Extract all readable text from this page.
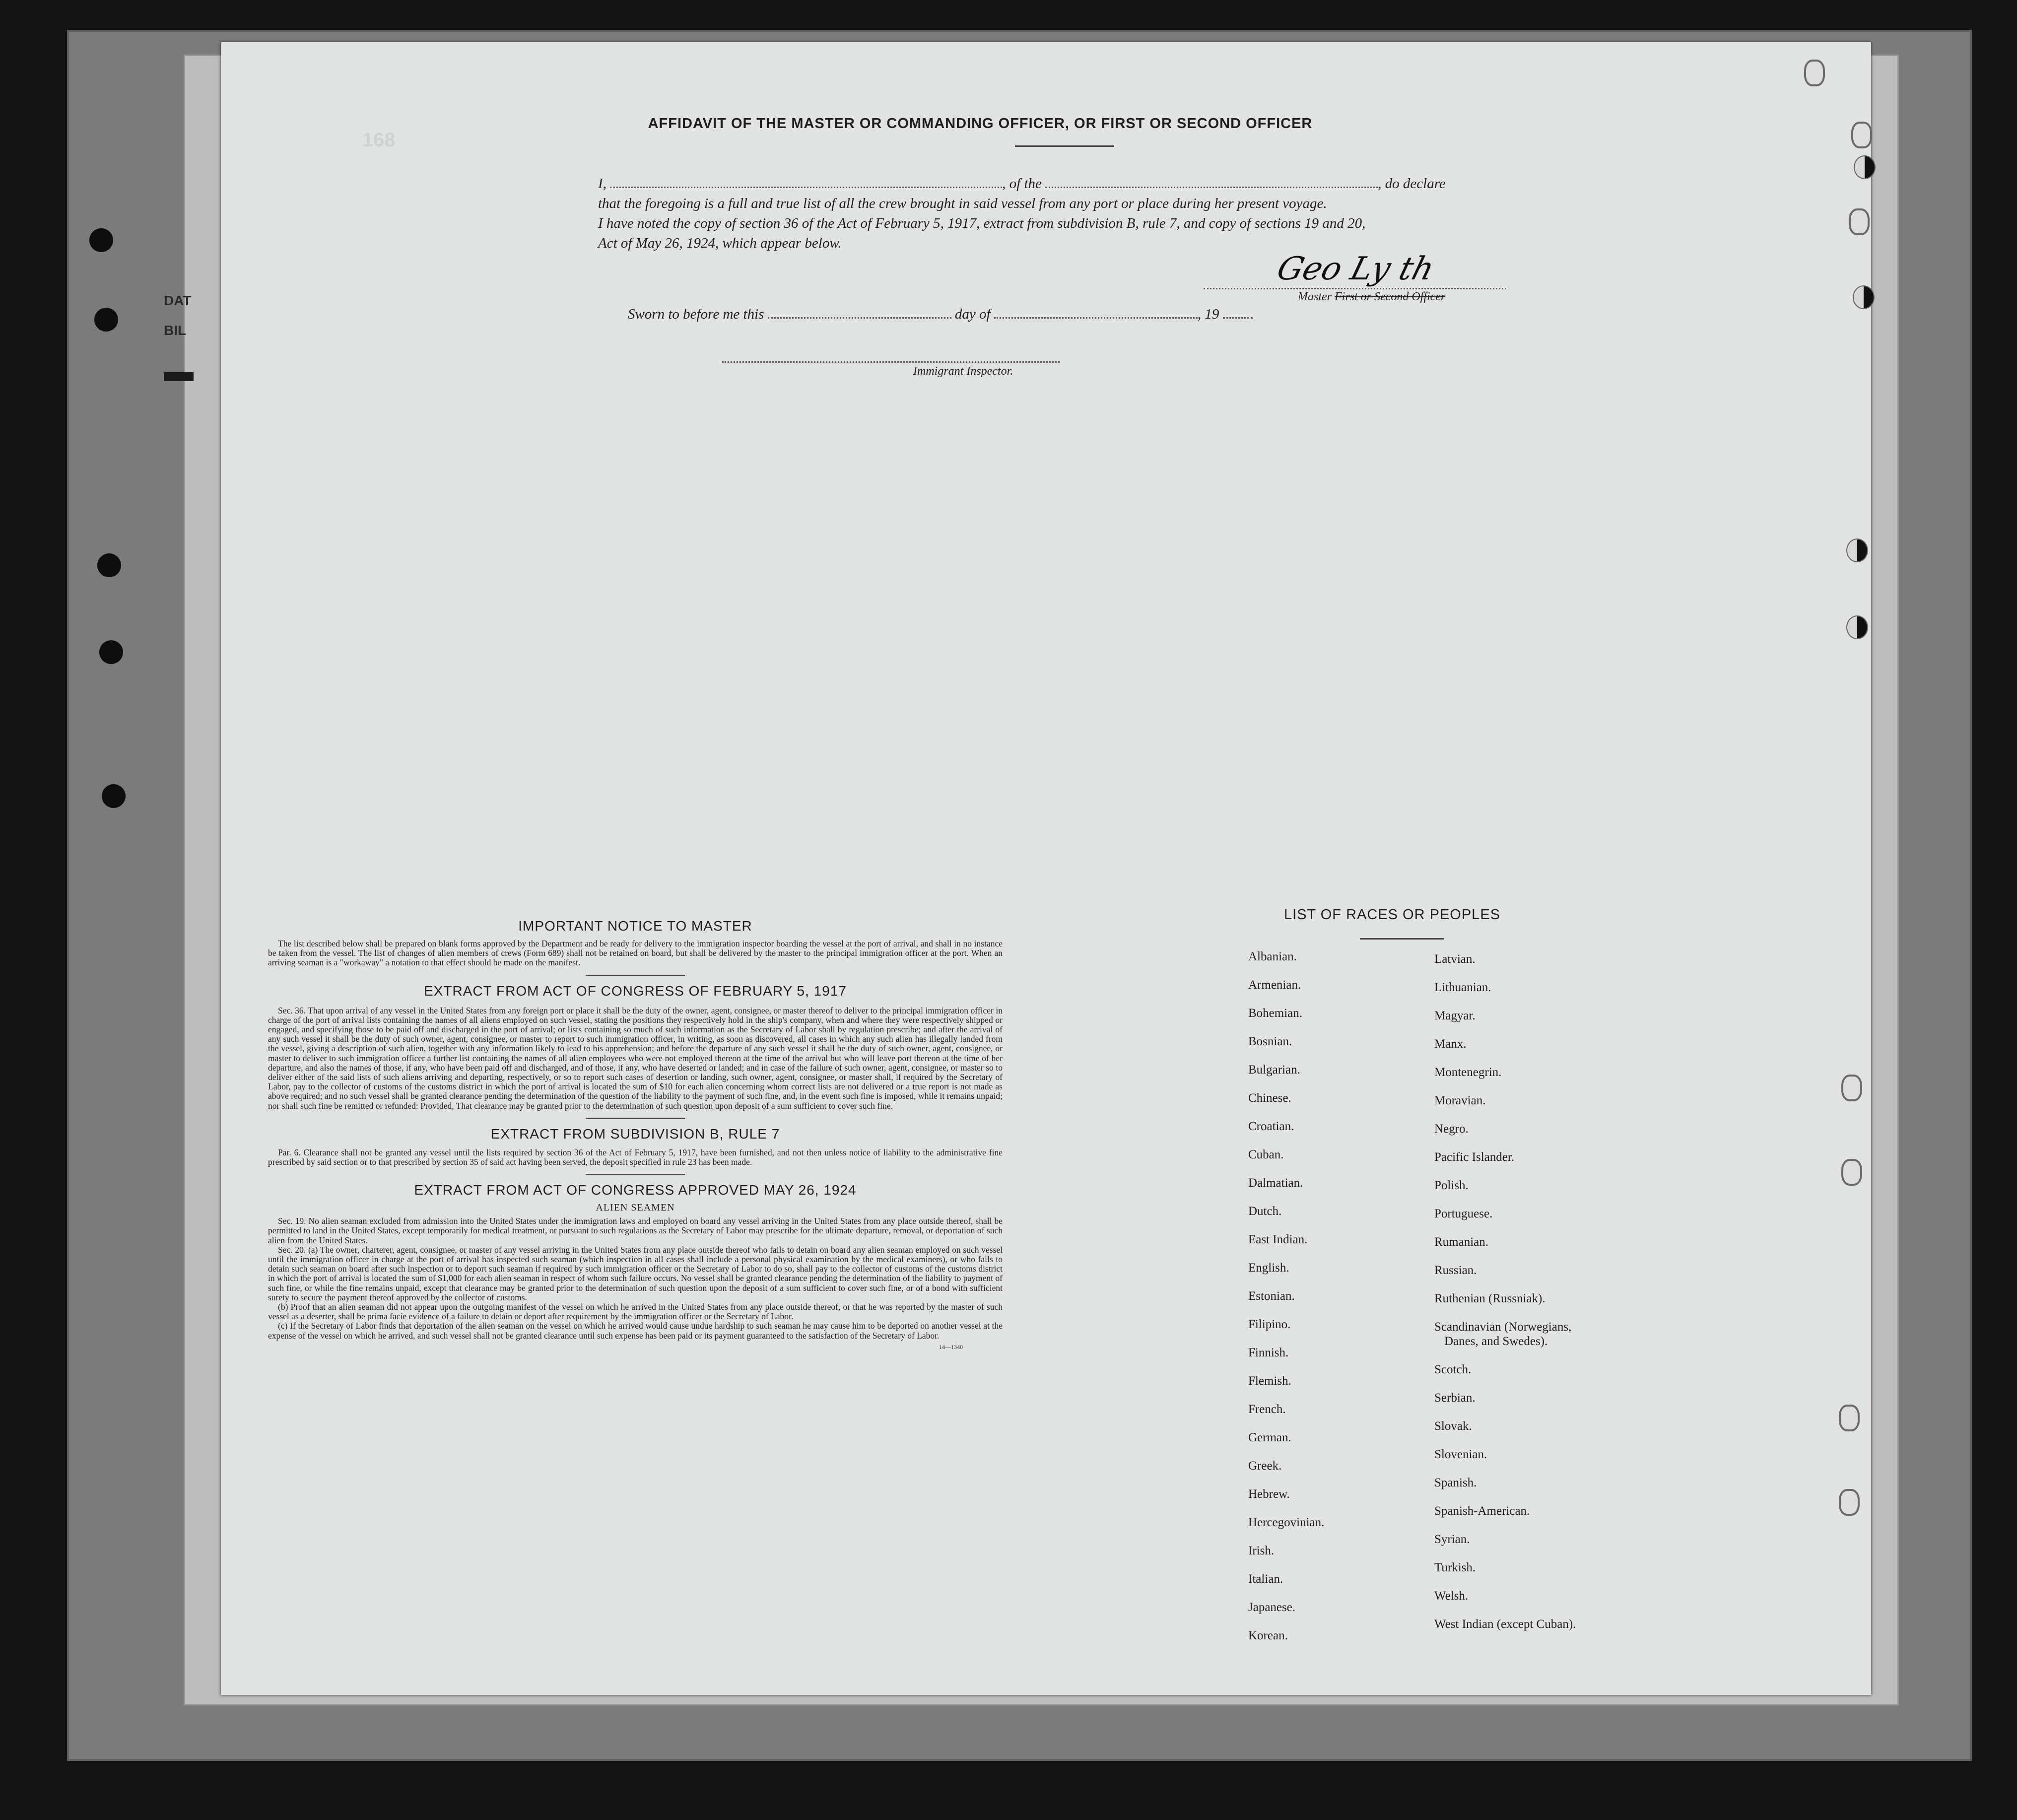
DAT
BIL
168
AFFIDAVIT OF THE MASTER OR COMMANDING OFFICER, OR FIRST OR SECOND OFFICER
I,	, of the	, do declare
that the foregoing is a full and true list of all the crew brought in said vessel from any port or place during her present voyage.
I have noted the copy of section 36 of the Act of February 5, 1917, extract from subdivision B, rule 7, and copy of sections 19 and 20,
Act of May 26, 1924, which appear below.
Geo Ly th
Master First or Second Officer
Sworn to before me this	day of	, 19
Immigrant Inspector.
IMPORTANT NOTICE TO MASTER

The list described below shall be prepared on blank forms approved by the Department and be ready for delivery to the immigration inspector boarding the vessel at the port of arrival, and shall in no instance be taken from the vessel. The list of changes of alien members of crews (Form 689) shall not be retained on board, but shall be delivered by the master to the principal immigration officer at the port. When an arriving seaman is a "workaway" a notation to that effect should be made on the manifest.

EXTRACT FROM ACT OF CONGRESS OF FEBRUARY 5, 1917

Sec. 36. That upon arrival of any vessel in the United States from any foreign port or place it shall be the duty of the owner, agent, consignee, or master thereof to deliver to the principal immigration officer in charge of the port of arrival lists containing the names of all aliens employed on such vessel, stating the positions they respectively hold in the ship's company, when and where they were respectively shipped or engaged, and specifying those to be paid off and discharged in the port of arrival; or lists containing so much of such information as the Secretary of Labor shall by regulation prescribe; and after the arrival of any such vessel it shall be the duty of such owner, agent, consignee, or master to report to such immigration officer, in writing, as soon as discovered, all cases in which any such alien has illegally landed from the vessel, giving a description of such alien, together with any information likely to lead to his apprehension; and before the departure of any such vessel it shall be the duty of such owner, agent, consignee, or master to deliver to such immigration officer a further list containing the names of all alien employees who were not employed thereon at the time of the arrival but who will leave port thereon at the time of her departure, and also the names of those, if any, who have been paid off and discharged, and of those, if any, who have deserted or landed; and in case of the failure of such owner, agent, consignee, or master so to deliver either of the said lists of such aliens arriving and departing, respectively, or so to report such cases of desertion or landing, such owner, agent, consignee, or master shall, if required by the Secretary of Labor, pay to the collector of customs of the customs district in which the port of arrival is located the sum of $10 for each alien concerning whom correct lists are not delivered or a true report is not made as above required; and no such vessel shall be granted clearance pending the determination of the question of the liability to the payment of such fine, and, in the event such fine is imposed, while it remains unpaid; nor shall such fine be remitted or refunded: Provided, That clearance may be granted prior to the determination of such question upon deposit of a sum sufficient to cover such fine.

EXTRACT FROM SUBDIVISION B, RULE 7

Par. 6. Clearance shall not be granted any vessel until the lists required by section 36 of the Act of February 5, 1917, have been furnished, and not then unless notice of liability to the administrative fine prescribed by said section or to that prescribed by section 35 of said act having been served, the deposit specified in rule 23 has been made.

EXTRACT FROM ACT OF CONGRESS APPROVED MAY 26, 1924
ALIEN SEAMEN

Sec. 19. No alien seaman excluded from admission into the United States under the immigration laws and employed on board any vessel arriving in the United States from any place outside thereof, shall be permitted to land in the United States, except temporarily for medical treatment, or pursuant to such regulations as the Secretary of Labor may prescribe for the ultimate departure, removal, or deportation of such alien from the United States.

Sec. 20. (a) The owner, charterer, agent, consignee, or master of any vessel arriving in the United States from any place outside thereof who fails to detain on board any alien seaman employed on such vessel until the immigration officer in charge at the port of arrival has inspected such seaman (which inspection in all cases shall include a personal physical examination by the medical examiners), or who fails to detain such seaman on board after such inspection or to deport such seaman if required by such immigration officer or the Secretary of Labor to do so, shall pay to the collector of customs of the customs district in which the port of arrival is located the sum of $1,000 for each alien seaman in respect of whom such failure occurs. No vessel shall be granted clearance pending the determination of the liability to payment of such fine, or while the fine remains unpaid, except that clearance may be granted prior to the determination of such question upon the deposit of a sum sufficient to cover such fine, or of a bond with sufficient surety to secure the payment thereof approved by the collector of customs.

(b) Proof that an alien seaman did not appear upon the outgoing manifest of the vessel on which he arrived in the United States from any place outside thereof, or that he was reported by the master of such vessel as a deserter, shall be prima facie evidence of a failure to detain or deport after requirement by the immigration officer or the Secretary of Labor.

(c) If the Secretary of Labor finds that deportation of the alien seaman on the vessel on which he arrived would cause undue hardship to such seaman he may cause him to be deported on another vessel at the expense of the vessel on which he arrived, and such vessel shall not be granted clearance until such expense has been paid or its payment guaranteed to the satisfaction of the Secretary of Labor.

14—1340
LIST OF RACES OR PEOPLES
Albanian.
Armenian.
Bohemian.
Bosnian.
Bulgarian.
Chinese.
Croatian.
Cuban.
Dalmatian.
Dutch.
East Indian.
English.
Estonian.
Filipino.
Finnish.
Flemish.
French.
German.
Greek.
Hebrew.
Hercegovinian.
Irish.
Italian.
Japanese.
Korean.
Latvian.
Lithuanian.
Magyar.
Manx.
Montenegrin.
Moravian.
Negro.
Pacific Islander.
Polish.
Portuguese.
Rumanian.
Russian.
Ruthenian (Russniak).
Scandinavian (Norwegians,
Danes, and Swedes).
Scotch.
Serbian.
Slovak.
Slovenian.
Spanish.
Spanish-American.
Syrian.
Turkish.
Welsh.
West Indian (except Cuban).
